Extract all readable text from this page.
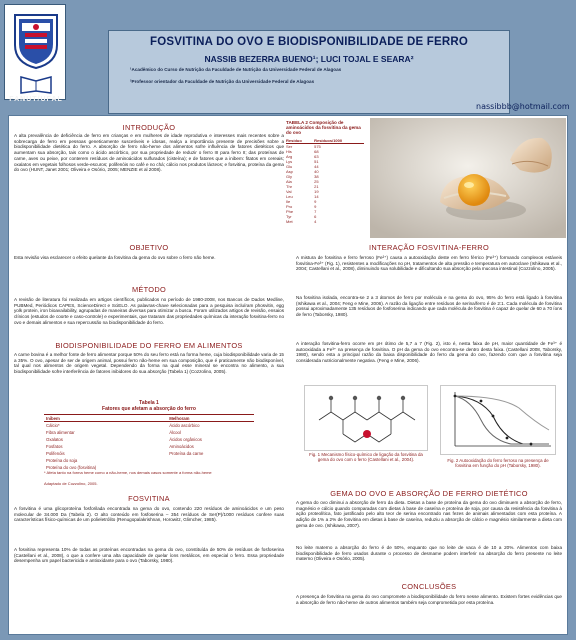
FANUT/UFAL
FOSVITINA DO OVO E BIODISPONIBILIDADE DE FERRO
NASSIB BEZERRA BUENO¹; LUCI TOJAL E SEARA²
¹Acadêmico do Curso de Nutrição da Faculdade de Nutrição da Universidade Federal de Alagoas
²Professor orientador da Faculdade de Nutrição da Universidade Federal de Alagoas
nassibbb@hotmail.com
INTRODUÇÃO
A alta prevalência de deficiência de ferro em crianças e em mulheres de idade reprodutiva e interesses mais recentes sobre a sobrecarga de ferro em pessoas geneticamente suscetíveis e idosas, realça a importância presente de precisões sobre a biodisponibilidade dietética do ferro. A absorção de ferro não-heme dos alimentos sofre influência de fatores dietéticos que aumentam sua absorção, tais como o ácido ascórbico, por sua propriedade de reduzir o ferro III para ferro II; das proteínas de carne, aves ou peixe, por conterem resíduos de aminoácidos sulfurados (cisteína); e de fatores que a inibem: fitatos em cereais; oxalatos em vegetais folhosos verde-escuros; polifenóis no café e no chá; cálcio nos produtos lácteos; e fosvitina, proteína da gema do ovo (HUNT, Janet 2001; Oliveira e Osório, 2005; MENZIE et al 2008).
OBJETIVO
Esta revisão visa esclarecer o efeito quelante da fosvitina da gema do ovo sobre o ferro não heme.
MÉTODO
A revisão de literatura foi realizada em artigos científicos, publicados no período de 1980-2008, nos Bancos de Dados Medline, PUBMed, Periódicos CAPES, ScienceDirect e SciELO. As palavras-chave selecionadas para a pesquisa incluíram phosvitin, egg yolk protein, iron bioavailability, agrupadas de maneiras diversas para otimizar a busca. Foram utilizados artigos de revisão, ensaios clínicos (estudos de coorte e caso-controle) e experimentais, que trataram das propriedades químicas da interação fosvitina-ferro no ovo e demais alimentos e sua repercussão na biodisponibilidade do ferro.
BIODISPONIBILIDADE DO FERRO EM ALIMENTOS
A carne bovina é a melhor fonte de ferro alimentar porque 50% do seu ferro está na forma heme, cuja biodisponibilidade varia de 15 a 35%. O ovo, apesar de ser de origem animal, possui ferro não-heme em sua composição, que é praticamente não biodisponível, tal qual nos alimentos de origem vegetal. Dependendo da forma na qual esse mineral se encontra no alimento, a sua biodisponibilidade sofre interferência de fatores inibidores do sua absorção (Tabela 1) (Cozzolino, 2005).
Tabela 1
Fatores que afetam a absorção do ferro
Inibem	Melhoram
Cálcio*	Ácido ascórbico
Fibra alimentar	Álcool
Oxalatos	Ácidos orgânicos
Fosfatos	Aminoácidos
Polifenóis	Proteína da carne
Proteína do soja	
Proteína do ovo (fosvitina)	
* Afeta tanto na forma heme como a não-heme, nos demais casos somente a forma não-heme
Adaptado de Cozzolino, 2005.
FOSVITINA
A fosvitina é uma glicoproteína fosforilada encontrada na gema do ovo, contendo 220 resíduos de aminoácidos e um peso molecular de 34.000 Da (Tabela 2). O alto conteúdo em fosfoserina – 354 resíduos de Ser(P)/1000 resíduos confere suas características físico-químicas de um polieletrólito (Renugopalakrishnan, Horowitz, Glimcher, 1985).
A fosvitina representa 10% de todas as proteínas encontradas na gema do ovo, constituída de 50% de resíduos de fosfoserina (Castellani et al., 2008), o que a confere uma alta capacidade de quelar íons metálicos, em especial o ferro. Essa propriedade desempenha um papel bactericida e antioxidante para o ovo (Taborsky, 1980).
TABELA 2 Composição de aminoácidos da fosvitina da gema do ovo
Resíduo	Resíduos/1000
Ser	575
His	68
Arg	63
Lys	51
Glu	44
Asp	40
Gly	38
Ala	25
Thr	21
Val	19
Leu	14
Ile	9
Pro	9
Phe	7
Tyr	6
Met	4
INTERAÇÃO FOSVITINA-FERRO
A mistura de fosvitina e ferro ferroso (Fe²⁺) causa a autooxidação deste em ferro férrico (Fe³⁺) formando complexos estáveis fosvitina-Fe³⁺ (Fig. 1), resistentes a modificações no pH, tratamentos de alta pressão e temperatura em autoclave (Ishikawa et al., 2004; Castellani et al., 2008), diminuindo sua solubilidade e dificultando sua absorção pela mucosa intestinal (Cozzolino, 2005).
Na fosvitina isolada, encontra-se 2 a 3 átomos de ferro por molécula e na gema do ovo, 95% do ferro está ligado à fosvitina (Ishikawa et al., 2004; Feng e Mine, 2006). A razão da ligação entre resíduos de serina/ferro é de 2:1. Cada molécula de fosvitina possui aproximadamente 135 resíduos de fosfoserina indicando que cada molécula de fosvitina é capaz de quelar de 60 a 70 íons de ferro (Taborsky, 1980).
A interação fosvitina-ferro ocorre em pH ótimo de 5,7 a 7 (Fig. 2), isto é, nesta faixa de pH, maior quantidade de Fe³⁺ é autooxidada a Fe³⁺ na presença de fosvitina. O pH da gema do ovo encontra-se dentro desta faixa. (Castellani 2008, Taborsky, 1980), sendo esta a principal razão da baixa disponibilidade do ferro da gema do ovo, fazendo com que a fosvitina seja considerada nutricionalmente negativa. (Feng e Mine, 2006).
Fig. 1 Mecanismo físico-químico de ligação da fosvitina da gema do ovo com o ferro (Castellani et al., 2004).	Fig. 2 Autooxidação do ferro ferroso na presença de fosvitina em função do pH (Taborsky, 1980).
GEMA DO OVO E ABSORÇÃO DE FERRO DIETÉTICO
A gema do ovo diminui a absorção de ferro da dieta. Dietas a base de proteína da gema do ovo diminuem a absorção de ferro, magnésio e cálcio quando comparadas com dietas à base de caseína e proteína de soja, por causa da resistência da fosvitina à ação proteolítica, fato justificado pelo alto teor de serina encontrado nas fezes de animais alimentados com esta proteína. A adição de 1% a 2% de fosvitina em dietas à base de caseína, reduziu a absorção de cálcio e magnésio similarmente a dieta com gema de ovo. (Ishikawa, 2007).
No leite materno a absorção do ferro é de 50%, enquanto que no leite de vaca é de 10 a 20%. Alimentos com baixa biodisponibilidade de ferro usados durante o processo de desmame podem interferir na absorção do ferro presente no leite materno (Oliveira e Osório, 2005).
CONCLUSÕES
A presença de fosvitina na gema do ovo compromete a biodisponibilidade do ferro nesse alimento. Existem fortes evidências que a absorção de ferro não-heme de outros alimentos também seja comprometida por esta proteína.
